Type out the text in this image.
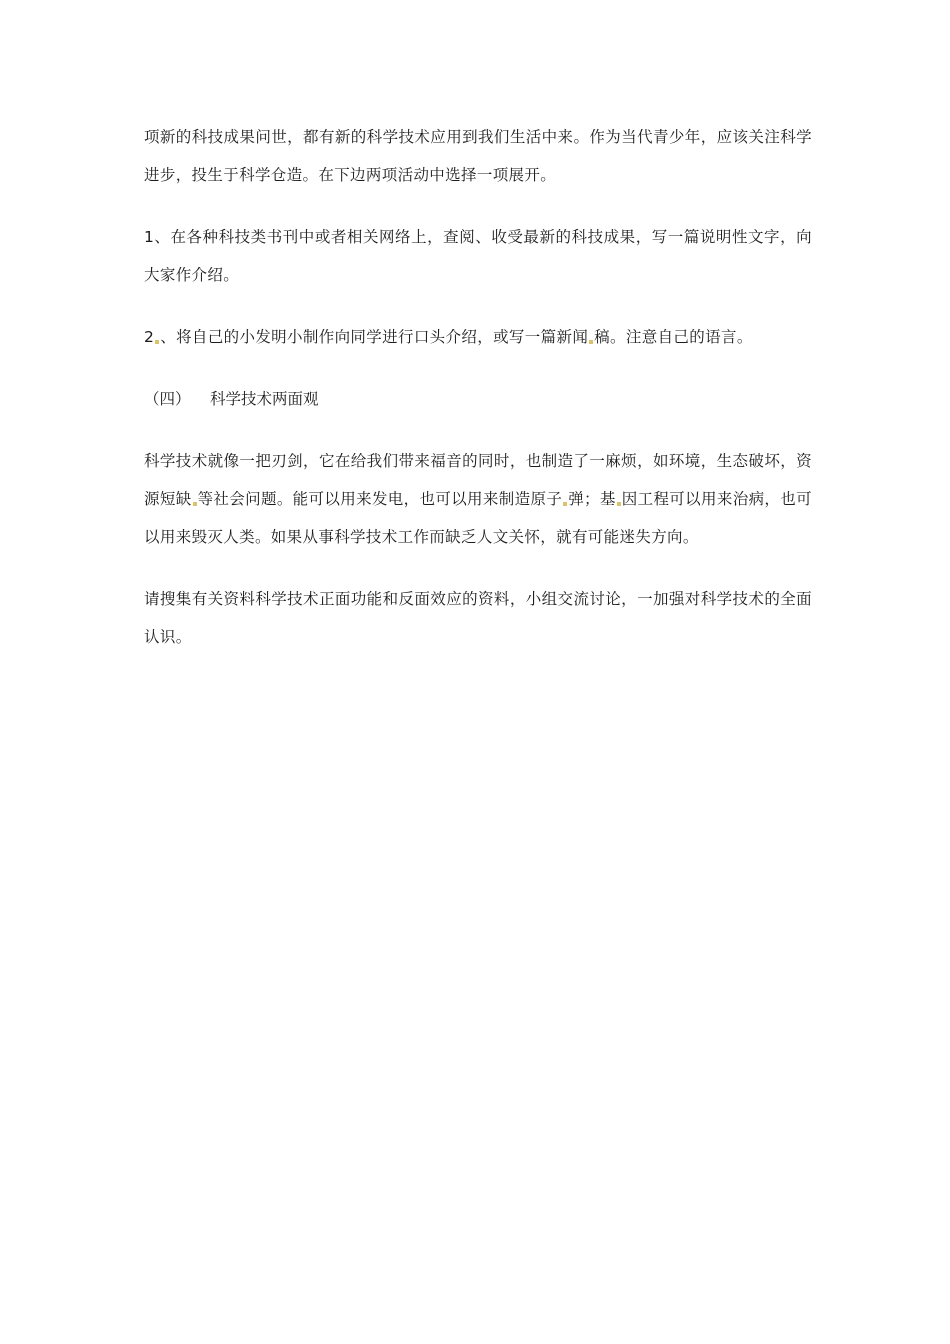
项新的科技成果问世，都有新的科学技术应用到我们生活中来。作为当代青少年，应该关注科学进步，投生于科学仓造。在下边两项活动中选择一项展开。

1、在各种科技类书刊中或者相关网络上，查阅、收受最新的科技成果，写一篇说明性文字，向大家作介绍。

2 、将自己的小发明小制作向同学进行口头介绍，或写一篇新闻 稿。注意自己的语言。

（四） 科学技术两面观

科学技术就像一把刃剑，它在给我们带来福音的同时，也制造了一麻烦，如环境，生态破坏，资源短缺 等社会问题。能可以用来发电，也可以用来制造原子 弹；基 因工程可以用来治病，也可以用来毁灭人类。如果从事科学技术工作而缺乏人文关怀，就有可能迷失方向。

请搜集有关资料科学技术正面功能和反面效应的资料，小组交流讨论，一加强对科学技术的全面认识。
